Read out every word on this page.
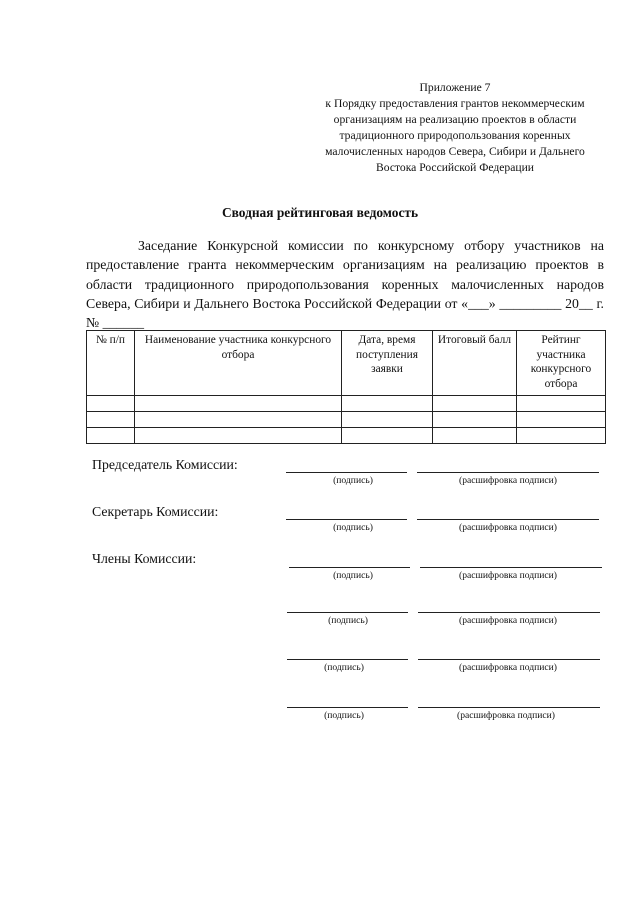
Приложение 7
к Порядку предоставления грантов некоммерческим
организациям на реализацию проектов в области
традиционного природопользования коренных
малочисленных народов Севера, Сибири и Дальнего
Востока Российской Федерации
Сводная рейтинговая ведомость
Заседание Конкурсной комиссии по конкурсному отбору участников на предоставление гранта некоммерческим организациям на реализацию проектов в области традиционного природопользования коренных малочисленных народов Севера, Сибири и Дальнего Востока Российской Федерации от «___» _________ 20__ г. № ______
№ п/п	Наименование участника конкурсного отбора	Дата, время поступления заявки	Итоговый балл	Рейтинг участника конкурсного отбора

Председатель Комиссии:
(подпись)	(расшифровка подписи)
Секретарь Комиссии:
(подпись)	(расшифровка подписи)
Члены Комиссии:
(подпись)	(расшифровка подписи)
(подпись)	(расшифровка подписи)
(подпись)	(расшифровка подписи)
(подпись)	(расшифровка подписи)
